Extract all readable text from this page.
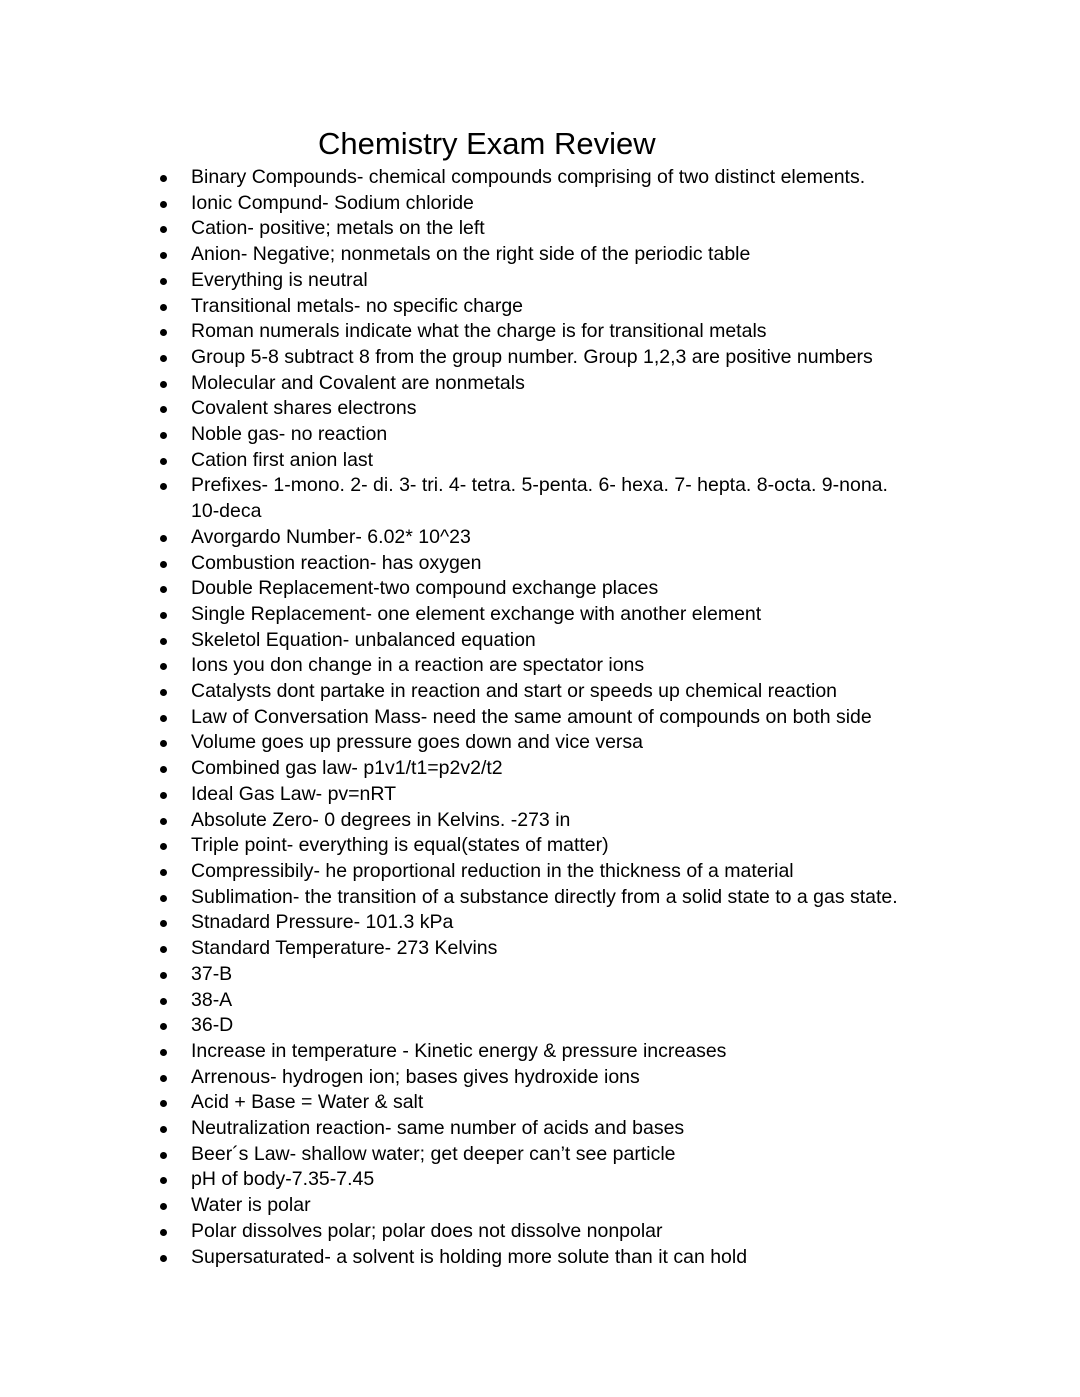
Chemistry Exam Review
Binary Compounds- chemical compounds comprising of two distinct elements.
Ionic Compund- Sodium chloride
Cation- positive; metals on the left
Anion- Negative; nonmetals on the right side of the periodic table
Everything is neutral
Transitional metals- no specific charge
Roman numerals indicate what the charge is for transitional metals
Group 5-8 subtract 8 from the group number. Group 1,2,3 are positive numbers
Molecular and Covalent are nonmetals
Covalent shares electrons
Noble gas- no reaction
Cation first anion last
Prefixes- 1-mono. 2- di. 3- tri. 4- tetra. 5-penta. 6- hexa. 7- hepta. 8-octa. 9-nona. 10-deca
Avorgardo Number- 6.02* 10^23
Combustion reaction- has oxygen
Double Replacement-two compound exchange places
Single Replacement- one element exchange with another element
Skeletol Equation- unbalanced equation
Ions you don change in a reaction are spectator ions
Catalysts dont partake in reaction and start or speeds up chemical reaction
Law of Conversation Mass- need the same amount of compounds on both side
Volume goes up pressure goes down and vice versa
Combined gas law- p1v1/t1=p2v2/t2
Ideal Gas Law- pv=nRT
Absolute Zero- 0 degrees in Kelvins. -273 in
Triple point- everything is equal(states of matter)
Compressibily- he proportional reduction in the thickness of a material
Sublimation- the transition of a substance directly from a solid state to a gas state.
Stnadard Pressure- 101.3 kPa
Standard Temperature- 273 Kelvins
37-B
38-A
36-D
Increase in temperature - Kinetic energy & pressure increases
Arrenous- hydrogen ion; bases gives hydroxide ions
Acid + Base = Water & salt
Neutralization reaction- same number of acids and bases
Beer´s Law- shallow water; get deeper can’t see particle
pH of body-7.35-7.45
Water is polar
Polar dissolves polar; polar does not dissolve nonpolar
Supersaturated- a solvent is holding more solute than it can hold
